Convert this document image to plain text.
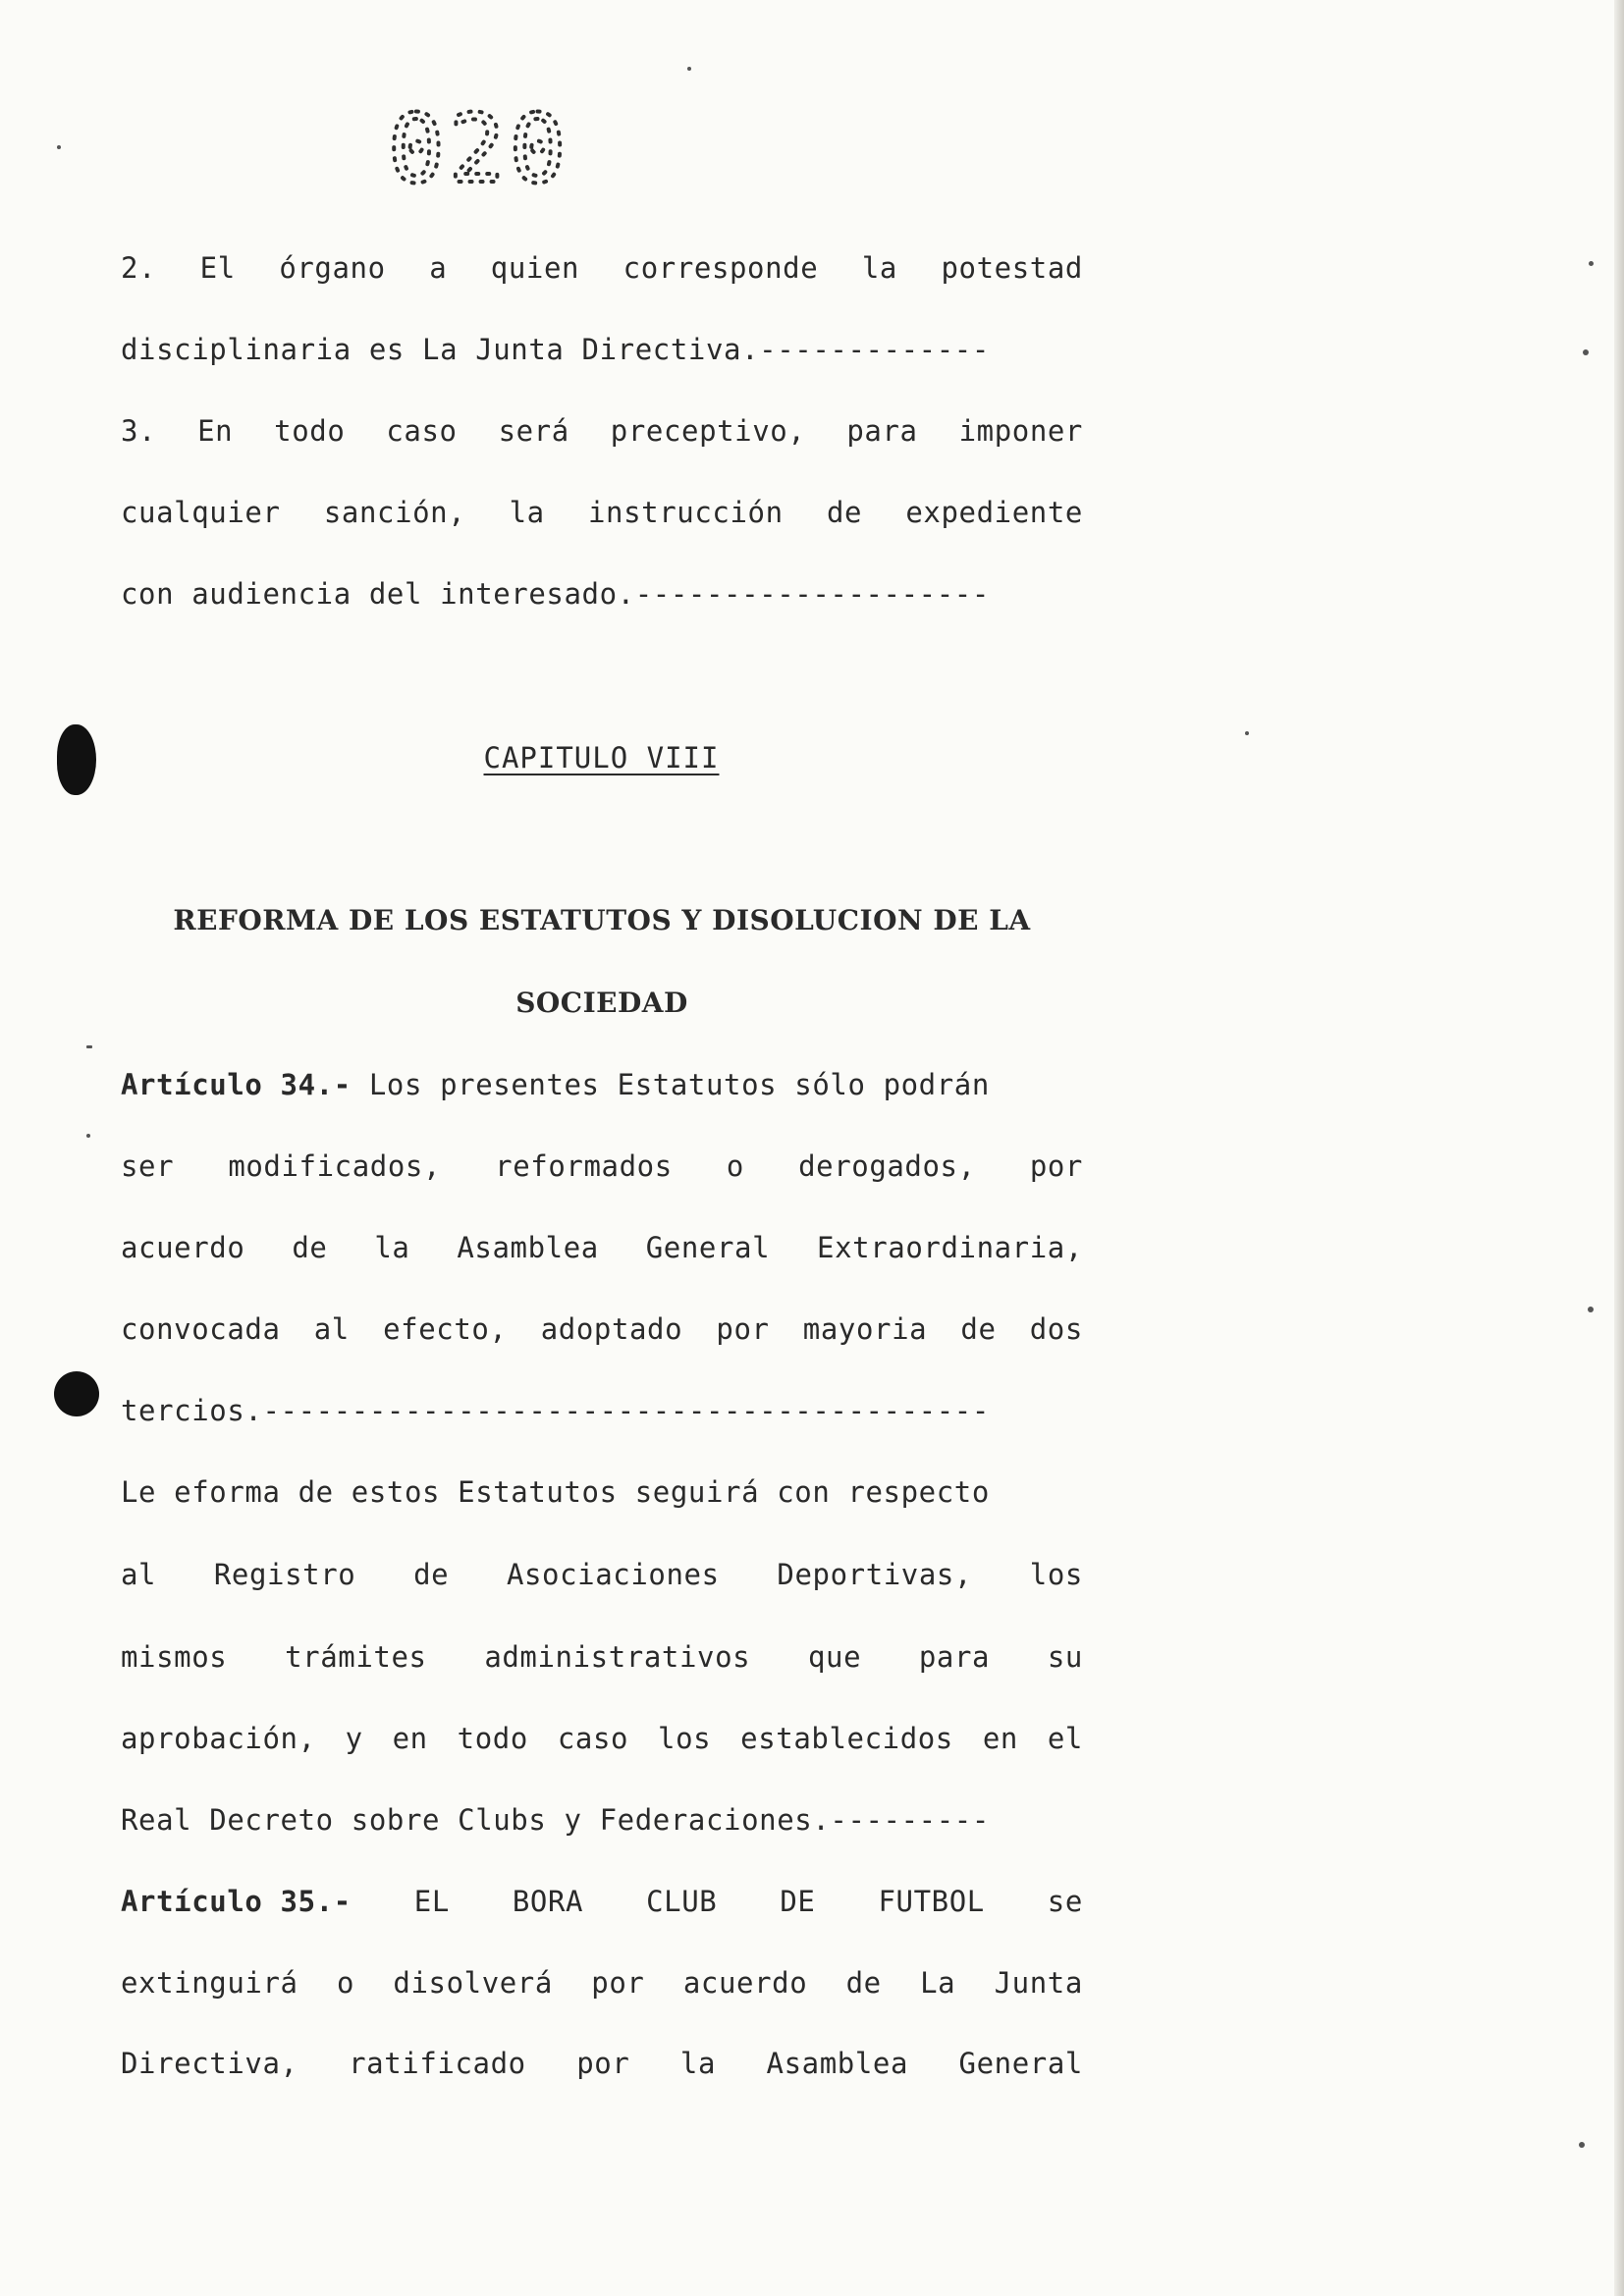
020
2. El órgano a quien corresponde la potestad
disciplinaria es La Junta Directiva.-------------
3. En todo caso será preceptivo, para imponer
cualquier sanción, la instrucción de expediente
con audiencia del interesado.--------------------
CAPITULO VIII
REFORMA DE LOS ESTATUTOS Y DISOLUCION DE LA
SOCIEDAD
Artículo 34.- Los presentes Estatutos sólo podrán
ser modificados, reformados o derogados, por
acuerdo de la Asamblea General Extraordinaria,
convocada al efecto, adoptado por mayoria de dos
tercios.-----------------------------------------
Le eforma de estos Estatutos seguirá con respecto
al Registro de Asociaciones Deportivas, los
mismos trámites administrativos que para su
aprobación, y en todo caso los establecidos en el
Real Decreto sobre Clubs y Federaciones.---------
Artículo 35.- EL BORA CLUB DE FUTBOL se
extinguirá o disolverá por acuerdo de La Junta
Directiva, ratificado por la Asamblea General
